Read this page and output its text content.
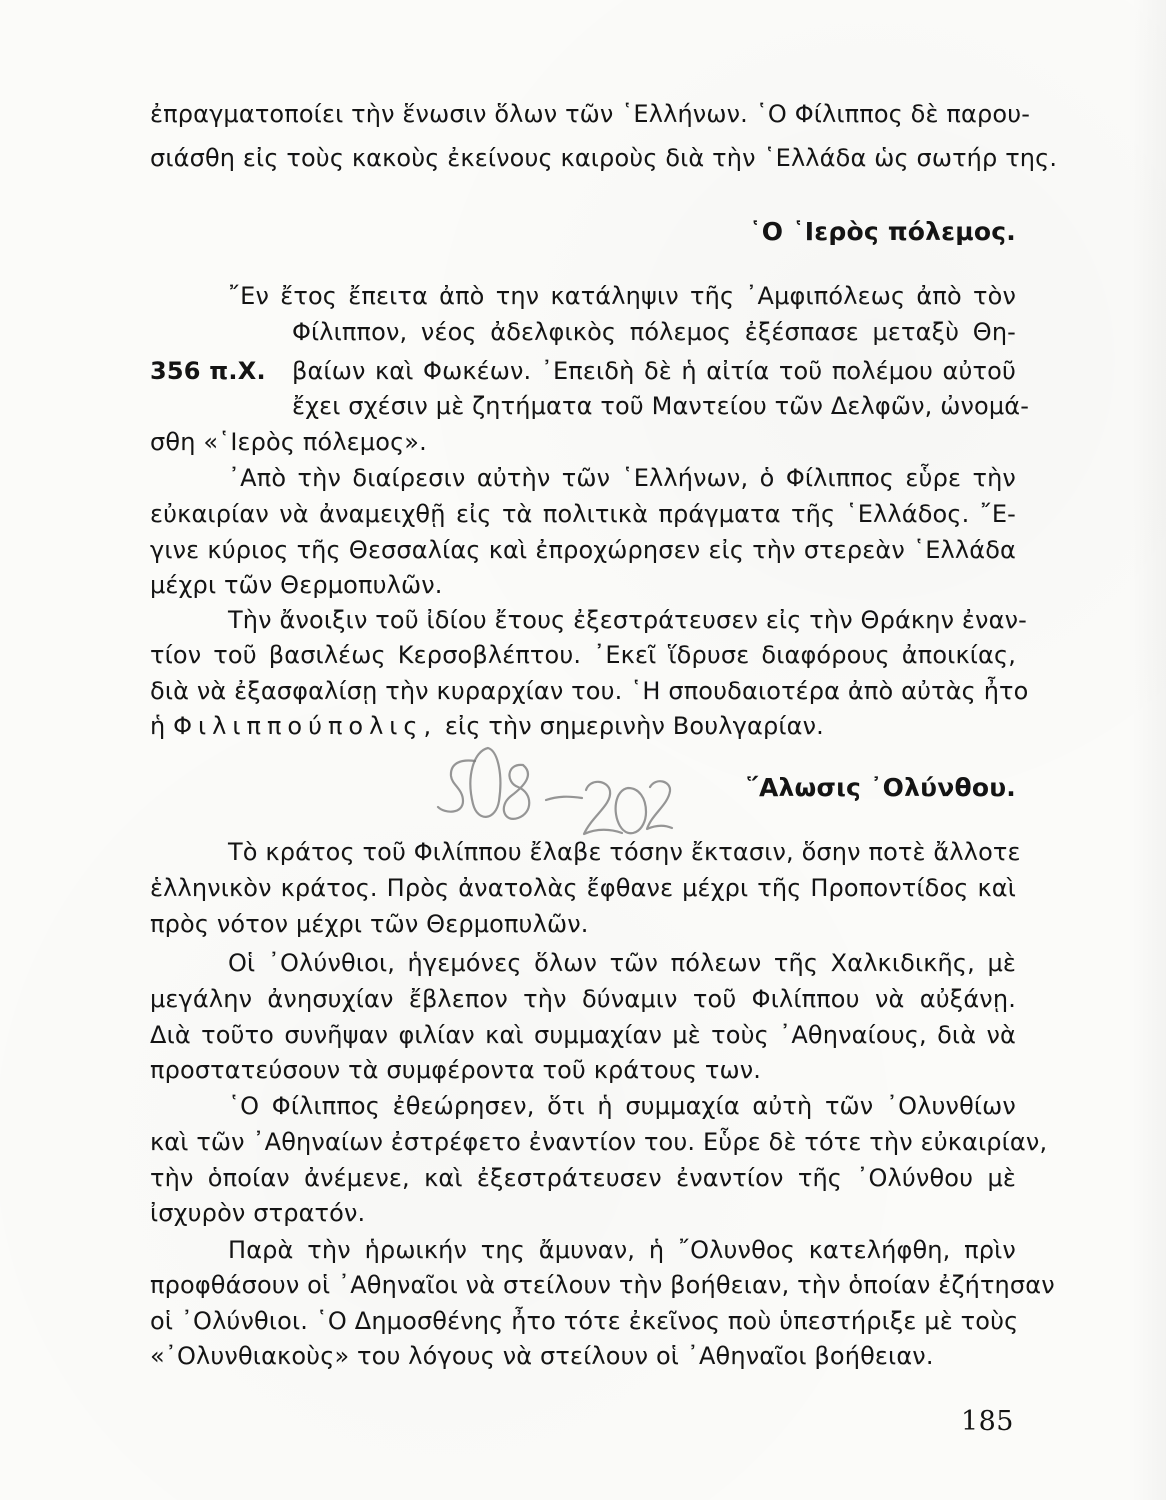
ἐπραγματοποίει τὴν ἕνωσιν ὅλων τῶν ῾Ελλήνων. ῾Ο Φίλιππος δὲ παρου-
σιάσθη εἰς τοὺς κακοὺς ἐκείνους καιροὺς διὰ τὴν ῾Ελλάδα ὡς σωτήρ της.
῾Ο ῾Ιερὸς πόλεμος.
῎Εν ἔτος ἔπειτα ἀπὸ την κατάληψιν τῆς ᾿Αμφιπόλεως ἀπὸ τὸν
Φίλιππον, νέος ἀδελφικὸς πόλεμος ἐξέσπασε μεταξὺ Θη-
356 π.Χ. βαίων καὶ Φωκέων. ᾿Επειδὴ δὲ ἡ αἰτία τοῦ πολέμου αὐτοῦ
ἔχει σχέσιν μὲ ζητήματα τοῦ Μαντείου τῶν Δελφῶν, ὠνομά-
σθη «῾Ιερὸς πόλεμος».
᾿Απὸ τὴν διαίρεσιν αὐτὴν τῶν ῾Ελλήνων, ὁ Φίλιππος εὗρε τὴν
εὐκαιρίαν νὰ ἀναμειχθῇ εἰς τὰ πολιτικὰ πράγματα τῆς ῾Ελλάδος. ῎Ε-
γινε κύριος τῆς Θεσσαλίας καὶ ἐπροχώρησεν εἰς τὴν στερεὰν ῾Ελλάδα
μέχρι τῶν Θερμοπυλῶν.
Τὴν ἄνοιξιν τοῦ ἰδίου ἔτους ἐξεστράτευσεν εἰς τὴν Θράκην ἐναν-
τίον τοῦ βασιλέως Κερσοβλέπτου. ᾿Εκεῖ ἵδρυσε διαφόρους ἀποικίας,
διὰ νὰ ἐξασφαλίσῃ τὴν κυραρχίαν του. ῾Η σπουδαιοτέρα ἀπὸ αὐτὰς ἦτο
ἡ Φιλιππούπολις, εἰς τὴν σημερινὴν Βουλγαρίαν.
῞Αλωσις ᾿Ολύνθου.
Τὸ κράτος τοῦ Φιλίππου ἔλαβε τόσην ἔκτασιν, ὅσην ποτὲ ἄλλοτε
ἑλληνικὸν κράτος. Πρὸς ἀνατολὰς ἔφθανε μέχρι τῆς Προποντίδος καὶ
πρὸς νότον μέχρι τῶν Θερμοπυλῶν.
Οἱ ᾿Ολύνθιοι, ἡγεμόνες ὅλων τῶν πόλεων τῆς Χαλκιδικῆς, μὲ
μεγάλην ἀνησυχίαν ἔβλεπον τὴν δύναμιν τοῦ Φιλίππου νὰ αὐξάνῃ.
Διὰ τοῦτο συνῆψαν φιλίαν καὶ συμμαχίαν μὲ τοὺς ᾿Αθηναίους, διὰ νὰ
προστατεύσουν τὰ συμφέροντα τοῦ κράτους των.
῾Ο Φίλιππος ἐθεώρησεν, ὅτι ἡ συμμαχία αὐτὴ τῶν ᾿Ολυνθίων
καὶ τῶν ᾿Αθηναίων ἐστρέφετο ἐναντίον του. Εὗρε δὲ τότε τὴν εὐκαιρίαν,
τὴν ὁποίαν ἀνέμενε, καὶ ἐξεστράτευσεν ἐναντίον τῆς ᾿Ολύνθου μὲ
ἰσχυρὸν στρατόν.
Παρὰ τὴν ἡρωικήν της ἄμυναν, ἡ ῎Ολυνθος κατελήφθη, πρὶν
προφθάσουν οἱ ᾿Αθηναῖοι νὰ στείλουν τὴν βοήθειαν, τὴν ὁποίαν ἐζήτησαν
οἱ ᾿Ολύνθιοι. ῾Ο Δημοσθένης ἦτο τότε ἐκεῖνος ποὺ ὑπεστήριξε μὲ τοὺς
«᾿Ολυνθιακοὺς» του λόγους νὰ στείλουν οἱ ᾿Αθηναῖοι βοήθειαν.
185
